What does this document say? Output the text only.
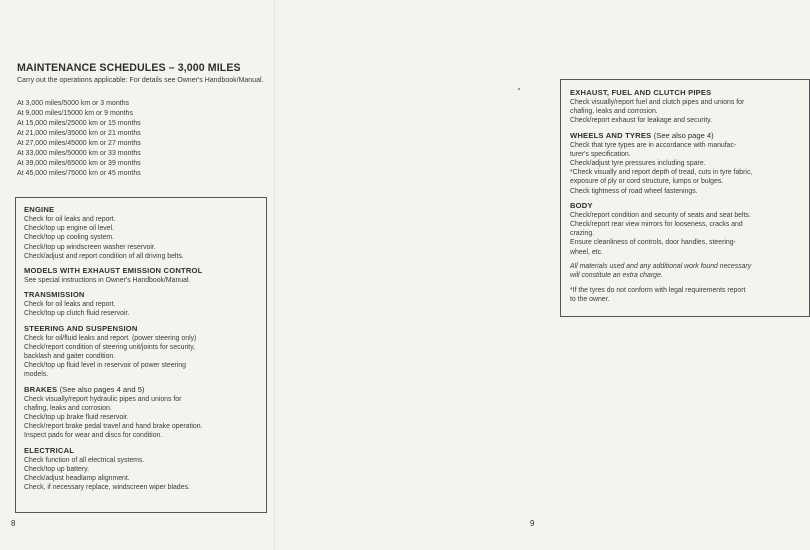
MAINTENANCE SCHEDULES – 3,000 MILES

Carry out the operations applicable: For details see Owner's Handbook/Manual.

At 3,000 miles/5000 km or 3 months
At 9,000 miles/15000 km or 9 months
At 15,000 miles/25000 km or 15 months
At 21,000 miles/35000 km or 21 months
At 27,000 miles/45000 km or 27 months
At 33,000 miles/50000 km or 33 months
At 39,000 miles/65000 km or 39 months
At 45,000 miles/75000 km or 45 months

ENGINE

Check for oil leaks and report.

Check/top up engine oil level.

Check/top up cooling system.

Check/top up windscreen washer reservoir.

Check/adjust and report condition of all driving belts.

MODELS WITH EXHAUST EMISSION CONTROL

See special instructions in Owner's Handbook/Manual.

TRANSMISSION

Check for oil leaks and report.

Check/top up clutch fluid reservoir.

STEERING AND SUSPENSION

Check for oil/fluid leaks and report. (power steering only)

Check/report condition of steering unit/joints for security,

backlash and gaiter condition.

Check/top up fluid level in reservoir of power steering

models.

BRAKES (See also pages 4 and 5)

Check visually/report hydraulic pipes and unions for

chafing, leaks and corrosion.

Check/top up brake fluid reservoir.

Check/report brake pedal travel and hand brake operation.

Inspect pads for wear and discs for condition.

ELECTRICAL

Check function of all electrical systems.

Check/top up battery.

Check/adjust headlamp alignment.

Check, if necessary replace, windscreen wiper blades.

8

EXHAUST, FUEL AND CLUTCH PIPES

Check visually/report fuel and clutch pipes and unions for

chafing, leaks and corrosion.

Check/report exhaust for leakage and security.

WHEELS AND TYRES (See also page 4)

Check that tyre types are in accordance with manufac-

turer's specification.

Check/adjust tyre pressures including spare.

*Check visually and report depth of tread, cuts in tyre fabric,

exposure of ply or cord structure, lumps or bulges.

Check tightness of road wheel fastenings.

BODY

Check/report condition and security of seats and seat belts.

Check/report rear view mirrors for looseness, cracks and

crazing.

Ensure cleanliness of controls, door handles, steering-

wheel, etc.

All materials used and any additional work found necessary
will constitute an extra charge.
*If the tyres do not conform with legal requirements report
to the owner.
9
